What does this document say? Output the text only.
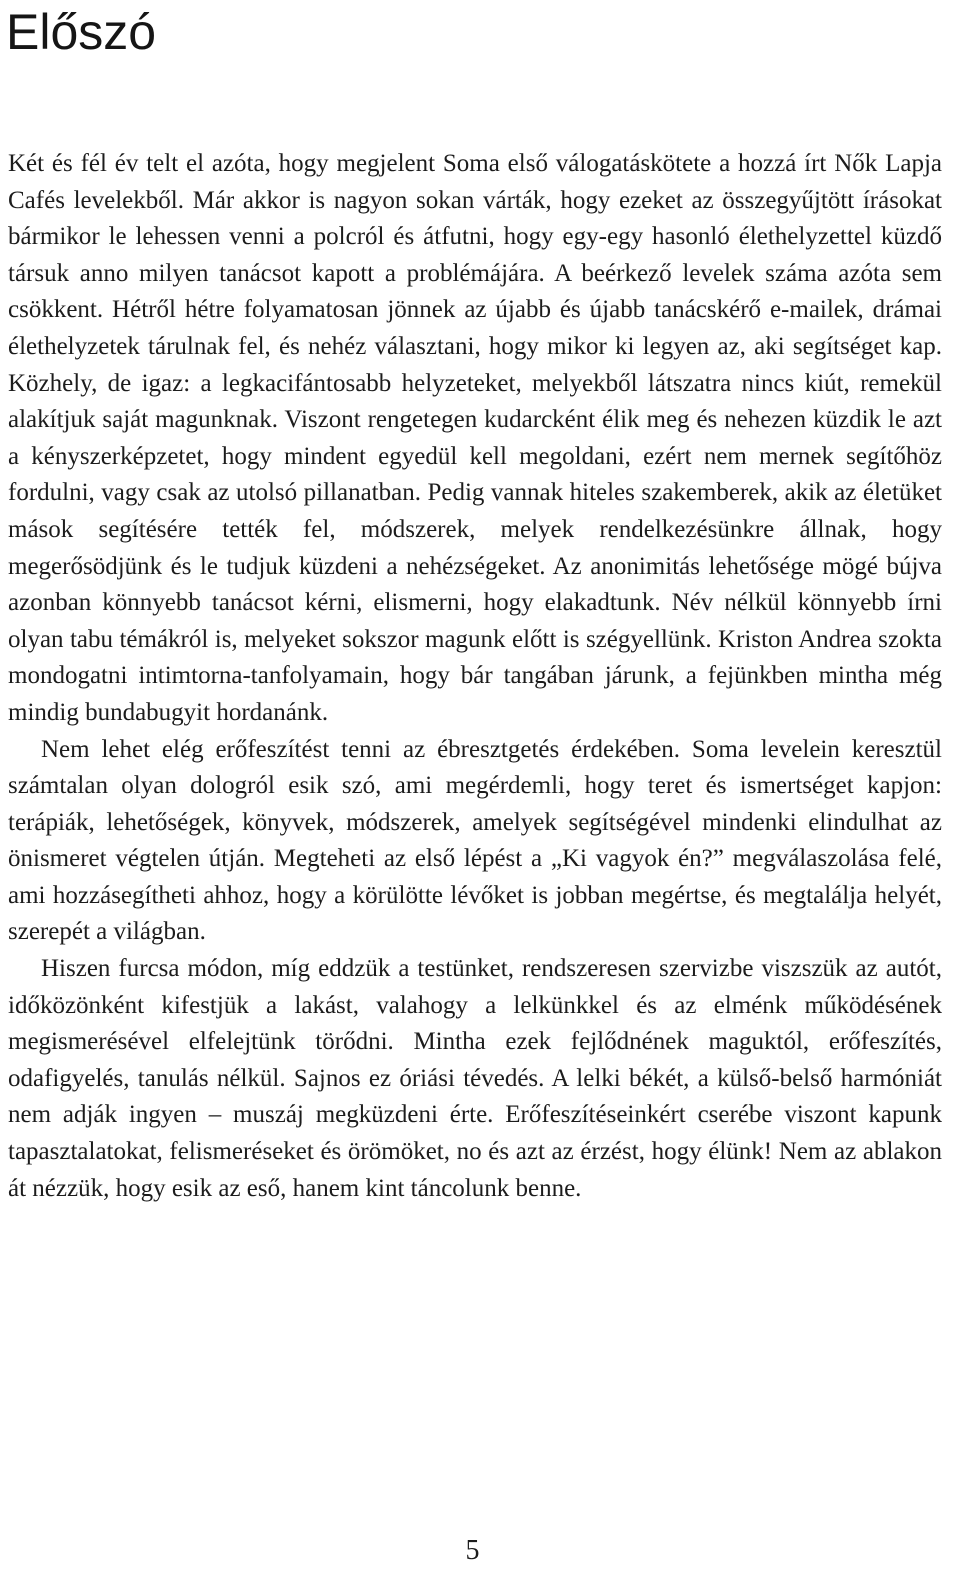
Előszó

Két és fél év telt el azóta, hogy megjelent Soma első válogatáskötete a hozzá írt Nők Lapja Cafés levelekből. Már akkor is nagyon sokan várták, hogy ezeket az összegyűjtött írásokat bármikor le lehessen venni a polcról és átfutni, hogy egy-egy hasonló élethelyzettel küzdő társuk anno milyen tanácsot kapott a problémájára. A beérkező levelek száma azóta sem csökkent. Hétről hétre folyamatosan jönnek az újabb és újabb tanácskérő e-mailek, drámai élethelyzetek tárulnak fel, és nehéz választani, hogy mikor ki legyen az, aki segítséget kap. Közhely, de igaz: a legkacifántosabb helyzeteket, melyekből látszatra nincs kiút, remekül alakítjuk saját magunknak. Viszont rengetegen kudarcként élik meg és nehezen küzdik le azt a kényszerképzetet, hogy mindent egyedül kell megoldani, ezért nem mernek segítőhöz fordulni, vagy csak az utolsó pillanatban. Pedig vannak hiteles szakemberek, akik az életüket mások segítésére tették fel, módszerek, melyek rendelkezésünkre állnak, hogy megerősödjünk és le tudjuk küzdeni a nehézségeket. Az anonimitás lehetősége mögé bújva azonban könnyebb tanácsot kérni, elismerni, hogy elakadtunk. Név nélkül könnyebb írni olyan tabu témákról is, melyeket sokszor magunk előtt is szégyellünk. Kriston Andrea szokta mondogatni intimtorna-tanfolyamain, hogy bár tangában járunk, a fejünkben mintha még mindig bundabugyit hordanánk.

Nem lehet elég erőfeszítést tenni az ébresztgetés érdekében. Soma levelein keresztül számtalan olyan dologról esik szó, ami megérdemli, hogy teret és ismertséget kapjon: terápiák, lehetőségek, könyvek, módszerek, amelyek segítségével mindenki elindulhat az önismeret végtelen útján. Megteheti az első lépést a „Ki vagyok én?” megválaszolása felé, ami hozzásegítheti ahhoz, hogy a körülötte lévőket is jobban megértse, és megtalálja helyét, szerepét a világban.

Hiszen furcsa módon, míg eddzük a testünket, rendszeresen szervizbe viszszük az autót, időközönként kifestjük a lakást, valahogy a lelkünkkel és az elménk működésének megismerésével elfelejtünk törődni. Mintha ezek fejlődnének maguktól, erőfeszítés, odafigyelés, tanulás nélkül. Sajnos ez óriási tévedés. A lelki békét, a külső-belső harmóniát nem adják ingyen – muszáj megküzdeni érte. Erőfeszítéseinkért cserébe viszont kapunk tapasztalatokat, felismeréseket és örömöket, no és azt az érzést, hogy élünk! Nem az ablakon át nézzük, hogy esik az eső, hanem kint táncolunk benne.

5
